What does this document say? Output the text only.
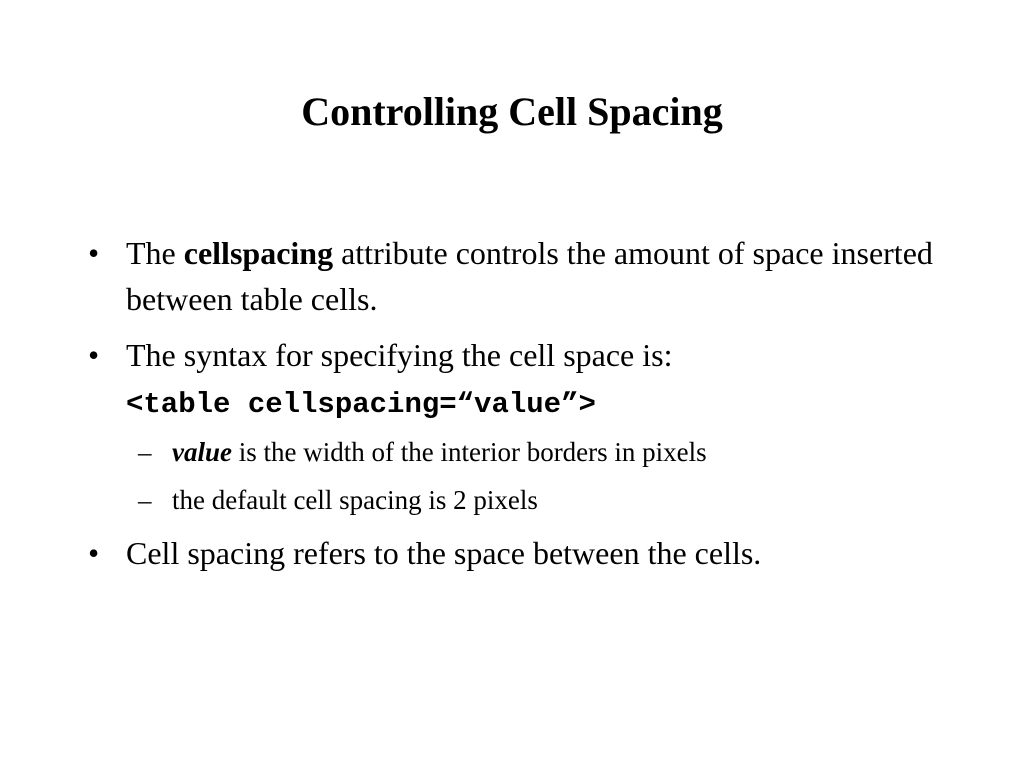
Controlling Cell Spacing
• The cellspacing attribute controls the amount of space inserted between table cells.
• The syntax for specifying the cell space is:
<table cellspacing=“value”>
– value is the width of the interior borders in pixels
– the default cell spacing is 2 pixels
• Cell spacing refers to the space between the cells.
